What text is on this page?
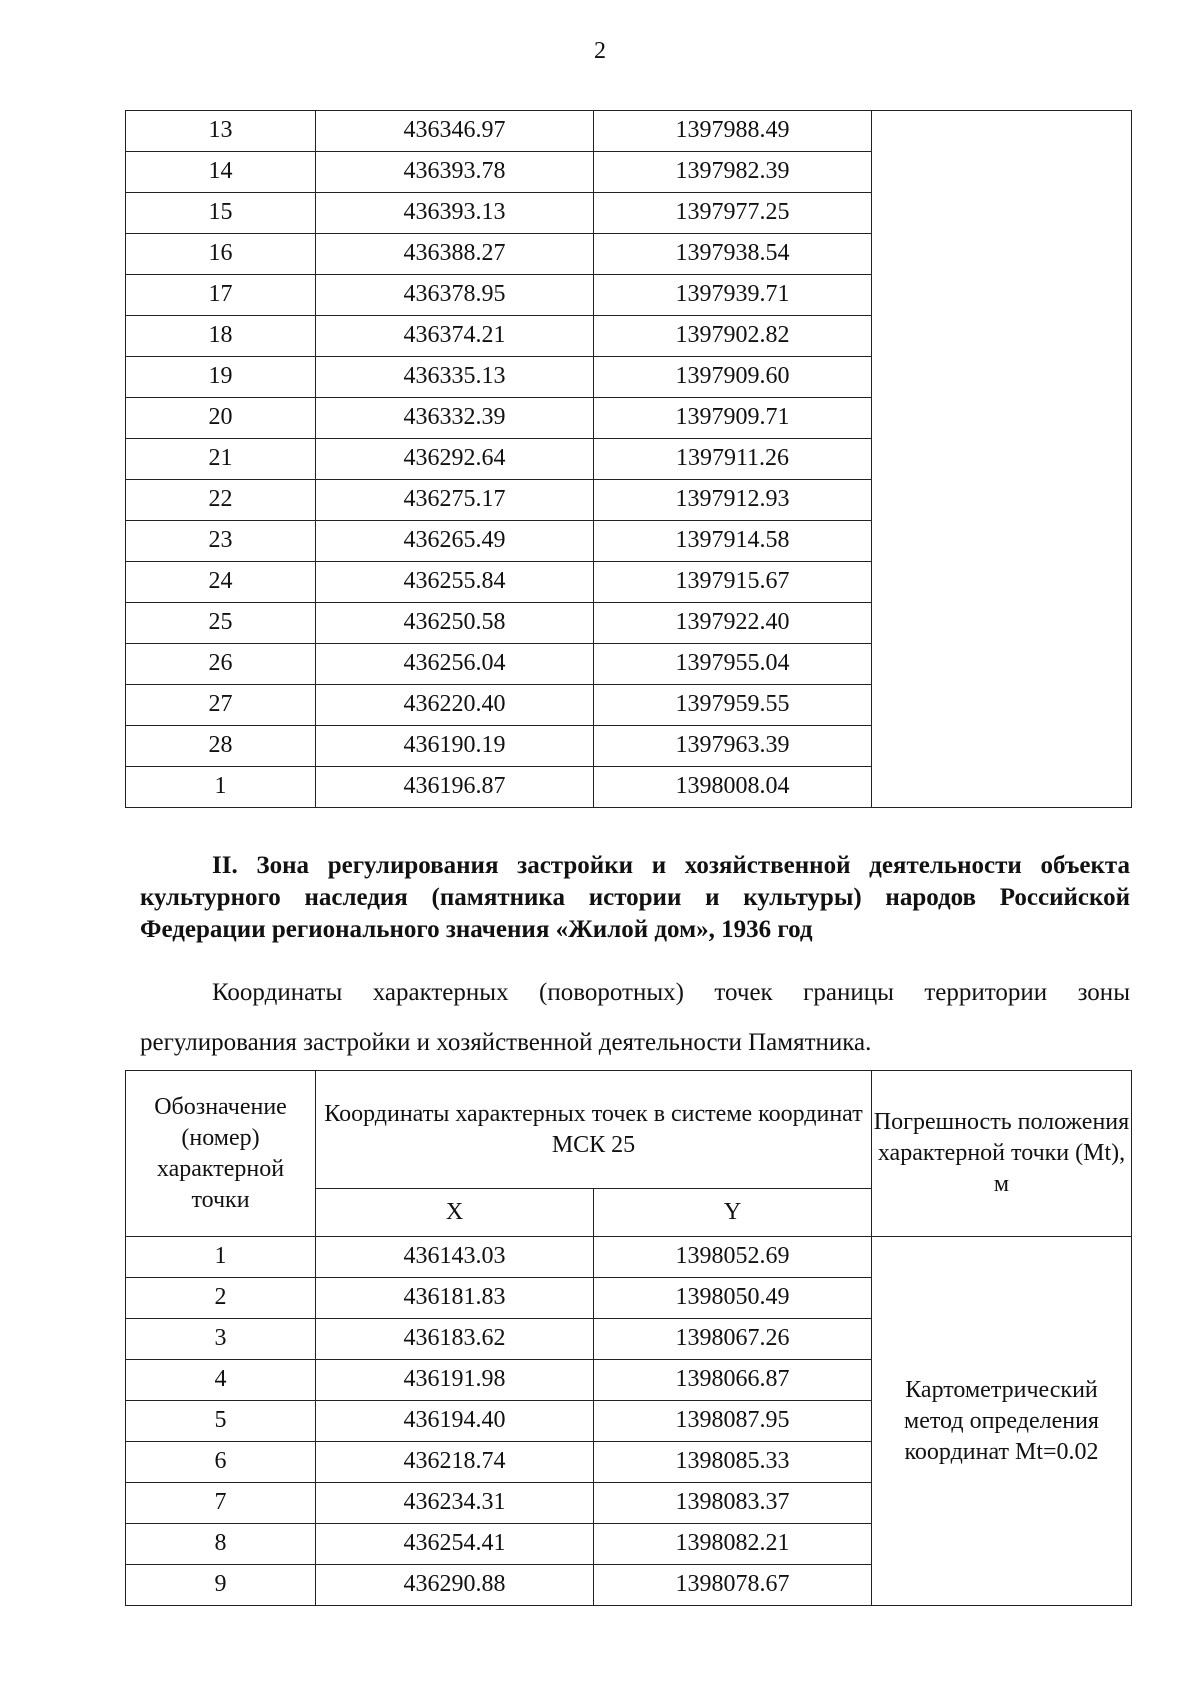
2
13	436346.97	1397988.49	
14	436393.78	1397982.39	
15	436393.13	1397977.25	
16	436388.27	1397938.54	
17	436378.95	1397939.71	
18	436374.21	1397902.82	
19	436335.13	1397909.60	
20	436332.39	1397909.71	
21	436292.64	1397911.26	
22	436275.17	1397912.93	
23	436265.49	1397914.58	
24	436255.84	1397915.67	
25	436250.58	1397922.40	
26	436256.04	1397955.04	
27	436220.40	1397959.55	
28	436190.19	1397963.39	
1	436196.87	1398008.04	
II. Зона регулирования застройки и хозяйственной деятельности объекта культурного наследия (памятника истории и культуры) народов Российской Федерации регионального значения «Жилой дом», 1936 год
Координаты характерных (поворотных) точек границы территории зоны регулирования застройки и хозяйственной деятельности Памятника.
Обозначение (номер) характерной точки	Координаты характерных точек в системе координат МСК 25		Погрешность положения характерной точки (Mt), м
	X	Y	
1	436143.03	1398052.69	Картометрический метод определения координат Mt=0.02
2	436181.83	1398050.49	
3	436183.62	1398067.26	
4	436191.98	1398066.87	
5	436194.40	1398087.95	
6	436218.74	1398085.33	
7	436234.31	1398083.37	
8	436254.41	1398082.21	
9	436290.88	1398078.67	
